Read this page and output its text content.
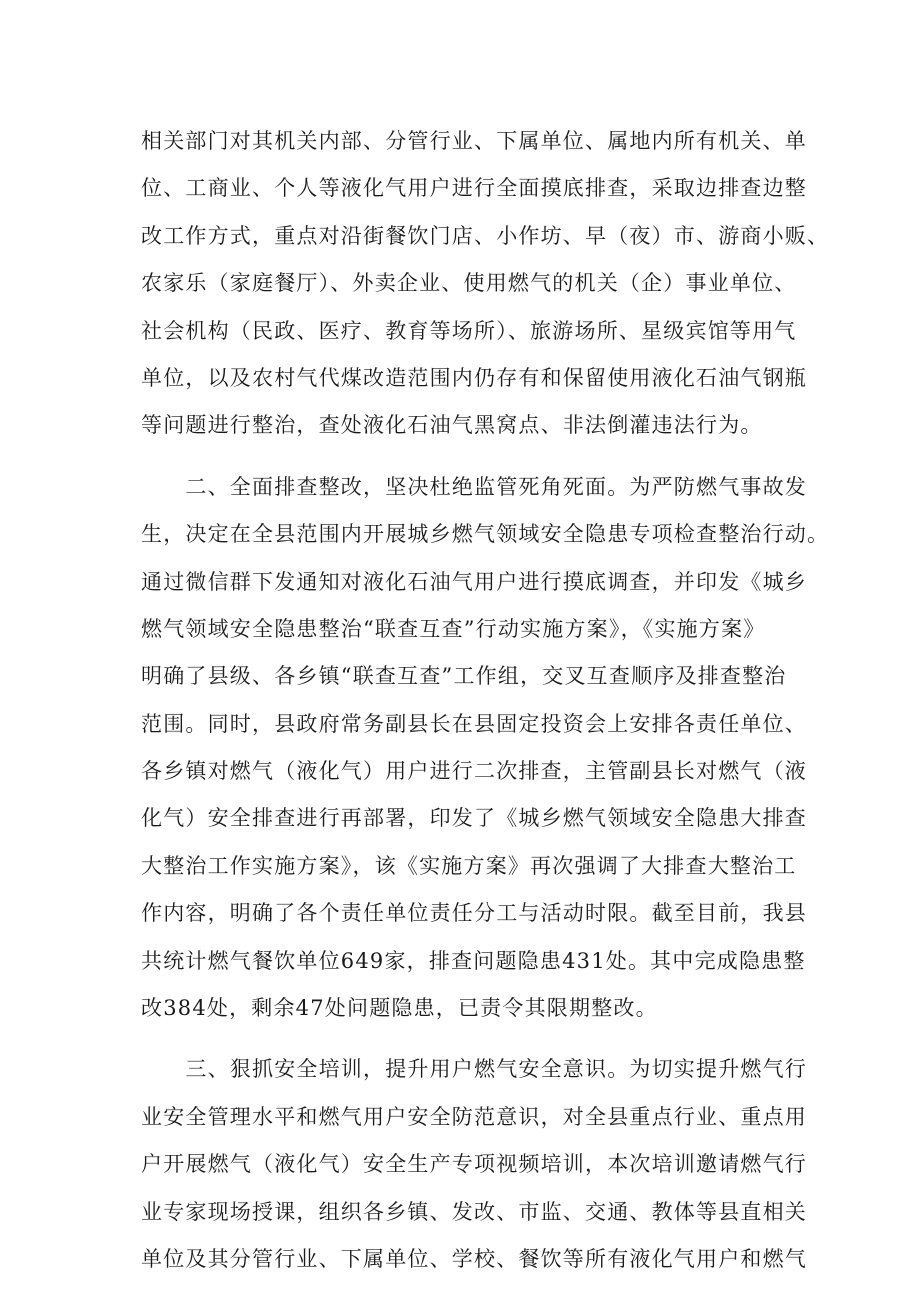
相关部门对其机关内部、分管行业、下属单位、属地内所有机关、单
位、工商业、个人等液化气用户进行全面摸底排查，采取边排查边整
改工作方式，重点对沿街餐饮门店、小作坊、早（夜）市、游商小贩、
农家乐（家庭餐厅）、外卖企业、使用燃气的机关（企）事业单位、
社会机构（民政、医疗、教育等场所）、旅游场所、星级宾馆等用气
单位，以及农村气代煤改造范围内仍存有和保留使用液化石油气钢瓶
等问题进行整治，查处液化石油气黑窝点、非法倒灌违法行为。
　　二、全面排查整改，坚决杜绝监管死角死面。为严防燃气事故发
生，决定在全县范围内开展城乡燃气领域安全隐患专项检查整治行动。
通过微信群下发通知对液化石油气用户进行摸底调查，并印发《城乡
燃气领域安全隐患整治“联查互查”行动实施方案》，《实施方案》
明确了县级、各乡镇“联查互查”工作组，交叉互查顺序及排查整治
范围。同时，县政府常务副县长在县固定投资会上安排各责任单位、
各乡镇对燃气（液化气）用户进行二次排查，主管副县长对燃气（液
化气）安全排查进行再部署，印发了《城乡燃气领域安全隐患大排查
大整治工作实施方案》，该《实施方案》再次强调了大排查大整治工
作内容，明确了各个责任单位责任分工与活动时限。截至目前，我县
共统计燃气餐饮单位649家，排查问题隐患431处。其中完成隐患整
改384处，剩余47处问题隐患，已责令其限期整改。
　　三、狠抓安全培训，提升用户燃气安全意识。为切实提升燃气行
业安全管理水平和燃气用户安全防范意识，对全县重点行业、重点用
户开展燃气（液化气）安全生产专项视频培训，本次培训邀请燃气行
业专家现场授课，组织各乡镇、发改、市监、交通、教体等县直相关
单位及其分管行业、下属单位、学校、餐饮等所有液化气用户和燃气
